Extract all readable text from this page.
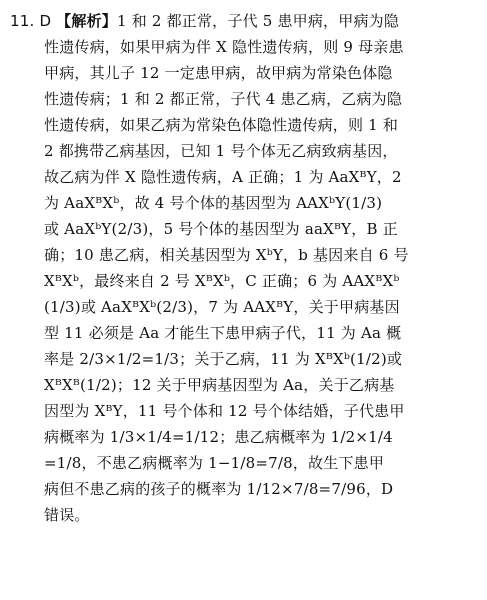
11. D 【解析】1 和 2 都正常，子代 5 患甲病，甲病为隐
性遗传病，如果甲病为伴 X 隐性遗传病，则 9 母亲患
甲病，其儿子 12 一定患甲病，故甲病为常染色体隐
性遗传病；1 和 2 都正常，子代 4 患乙病，乙病为隐
性遗传病，如果乙病为常染色体隐性遗传病，则 1 和
2 都携带乙病基因，已知 1 号个体无乙病致病基因，
故乙病为伴 X 隐性遗传病，A 正确；1 为 AaXᴮY，2
为 AaXᴮXᵇ，故 4 号个体的基因型为 AAXᵇY(1/3)
或 AaXᵇY(2/3)，5 号个体的基因型为 aaXᴮY，B 正
确；10 患乙病，相关基因型为 XᵇY，b 基因来自 6 号
XᴮXᵇ，最终来自 2 号 XᴮXᵇ，C 正确；6 为 AAXᴮXᵇ
(1/3)或 AaXᴮXᵇ(2/3)，7 为 AAXᴮY，关于甲病基因
型 11 必须是 Aa 才能生下患甲病子代，11 为 Aa 概
率是 2/3×1/2=1/3；关于乙病，11 为 XᴮXᵇ(1/2)或
XᴮXᴮ(1/2)；12 关于甲病基因型为 Aa，关于乙病基
因型为 XᴮY，11 号个体和 12 号个体结婚，子代患甲
病概率为 1/3×1/4=1/12；患乙病概率为 1/2×1/4
=1/8，不患乙病概率为 1−1/8=7/8，故生下患甲
病但不患乙病的孩子的概率为 1/12×7/8=7/96，D
错误。
